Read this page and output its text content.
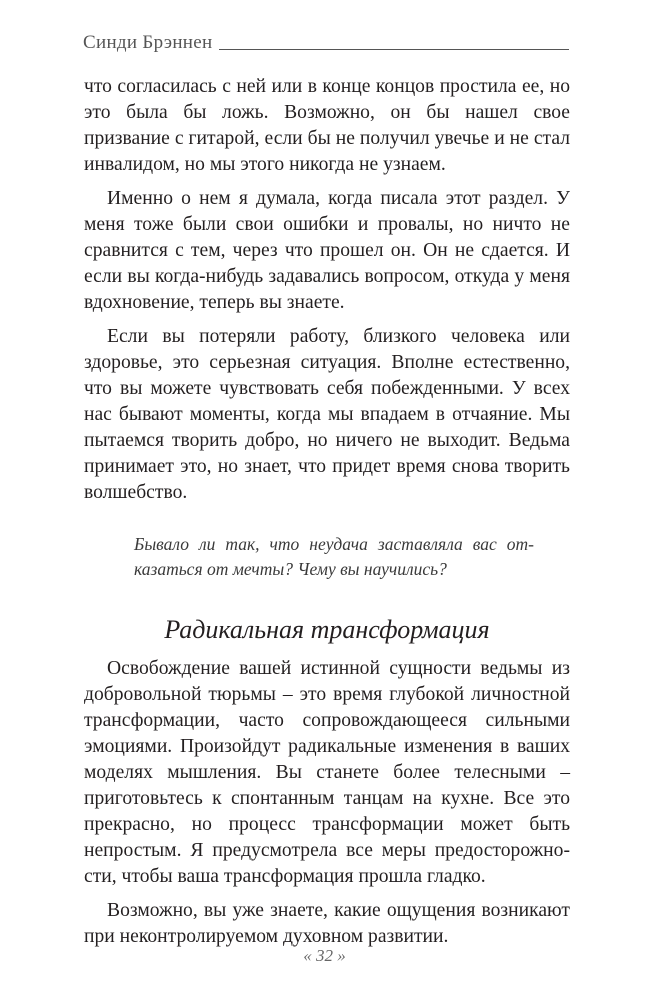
Синди Брэннен

что согласилась с ней или в конце концов простила ее, но это была бы ложь. Возможно, он бы нашел свое призвание с гитарой, если бы не получил увечье и не стал инвалидом, но мы этого никогда не узнаем.

Именно о нем я думала, когда писала этот раздел. У меня тоже были свои ошибки и провалы, но ничто не сравнится с тем, через что прошел он. Он не сдается. И если вы когда-нибудь задавались вопросом, откуда у меня вдохновение, теперь вы знаете.

Если вы потеряли работу, близкого человека или здоровье, это серьезная ситуация. Вполне естественно, что вы можете чувствовать себя побежденными. У всех нас бывают моменты, когда мы впадаем в отчаяние. Мы пытаемся творить добро, но ничего не выходит. Ведьма принимает это, но знает, что придет время снова творить волшебство.

Бывало ли так, что неудача заставляла вас отказаться от мечты? Чему вы научились?
Радикальная трансформация

Освобождение вашей истинной сущности ведьмы из добровольной тюрьмы – это время глубокой личностной трансформации, часто сопровождающееся сильными эмоциями. Произойдут радикальные изменения в ваших моделях мышления. Вы станете более телесными – приготовьтесь к спонтанным танцам на кухне. Все это прекрасно, но процесс трансформации может быть непростым. Я предусмотрела все меры предосторожности, чтобы ваша трансформация прошла гладко.

Возможно, вы уже знаете, какие ощущения возникают при неконтролируемом духовном развитии.

« 32 »
